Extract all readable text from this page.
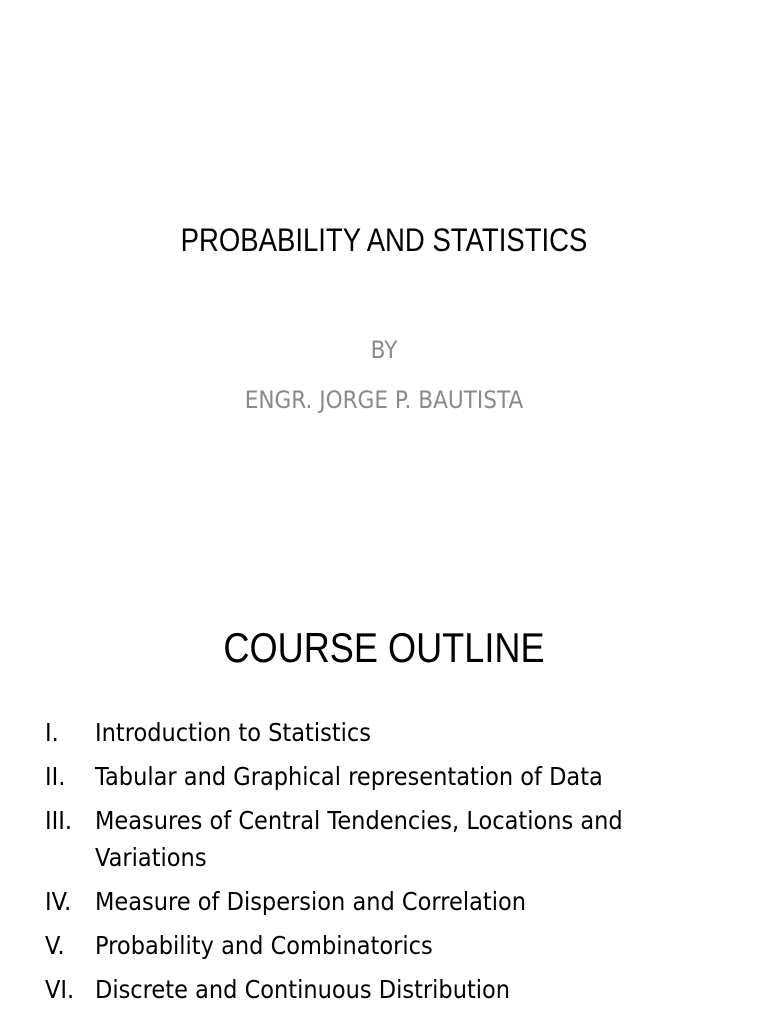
PROBABILITY AND STATISTICS
BY
ENGR. JORGE P. BAUTISTA
COURSE OUTLINE
I.	Introduction to Statistics
II.	Tabular and Graphical representation of Data
III. Measures of Central Tendencies, Locations and Variations
IV. Measure of Dispersion and Correlation
V.	Probability and Combinatorics
VI. Discrete and Continuous Distribution
